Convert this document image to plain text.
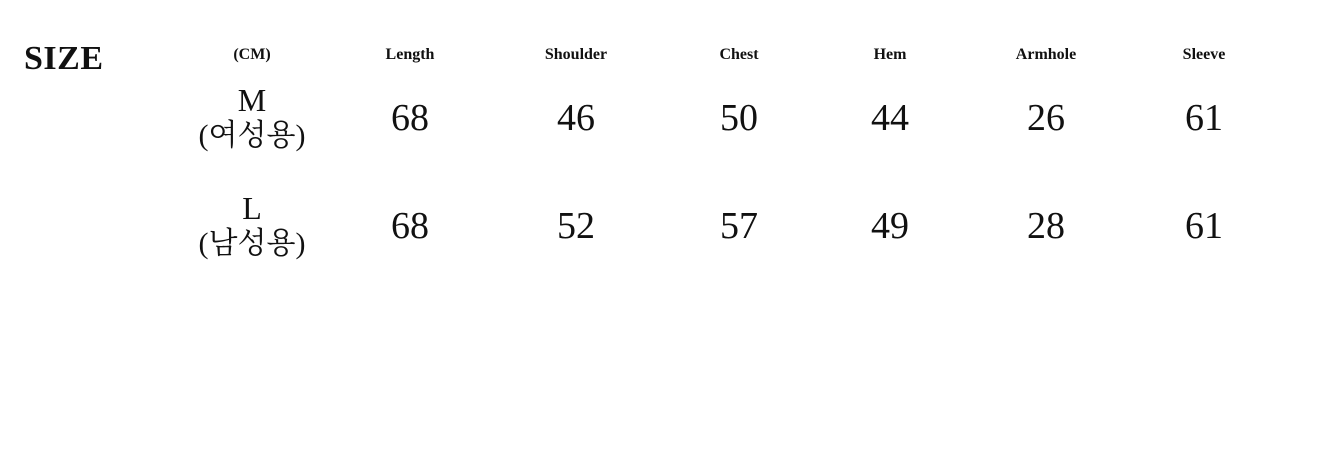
SIZE	(CM)	Length	Shoulder	Chest	Hem	Armhole	Sleeve

M
(여성용)	68	46	50	44	26	61

L
(남성용)	68	52	57	49	28	61
